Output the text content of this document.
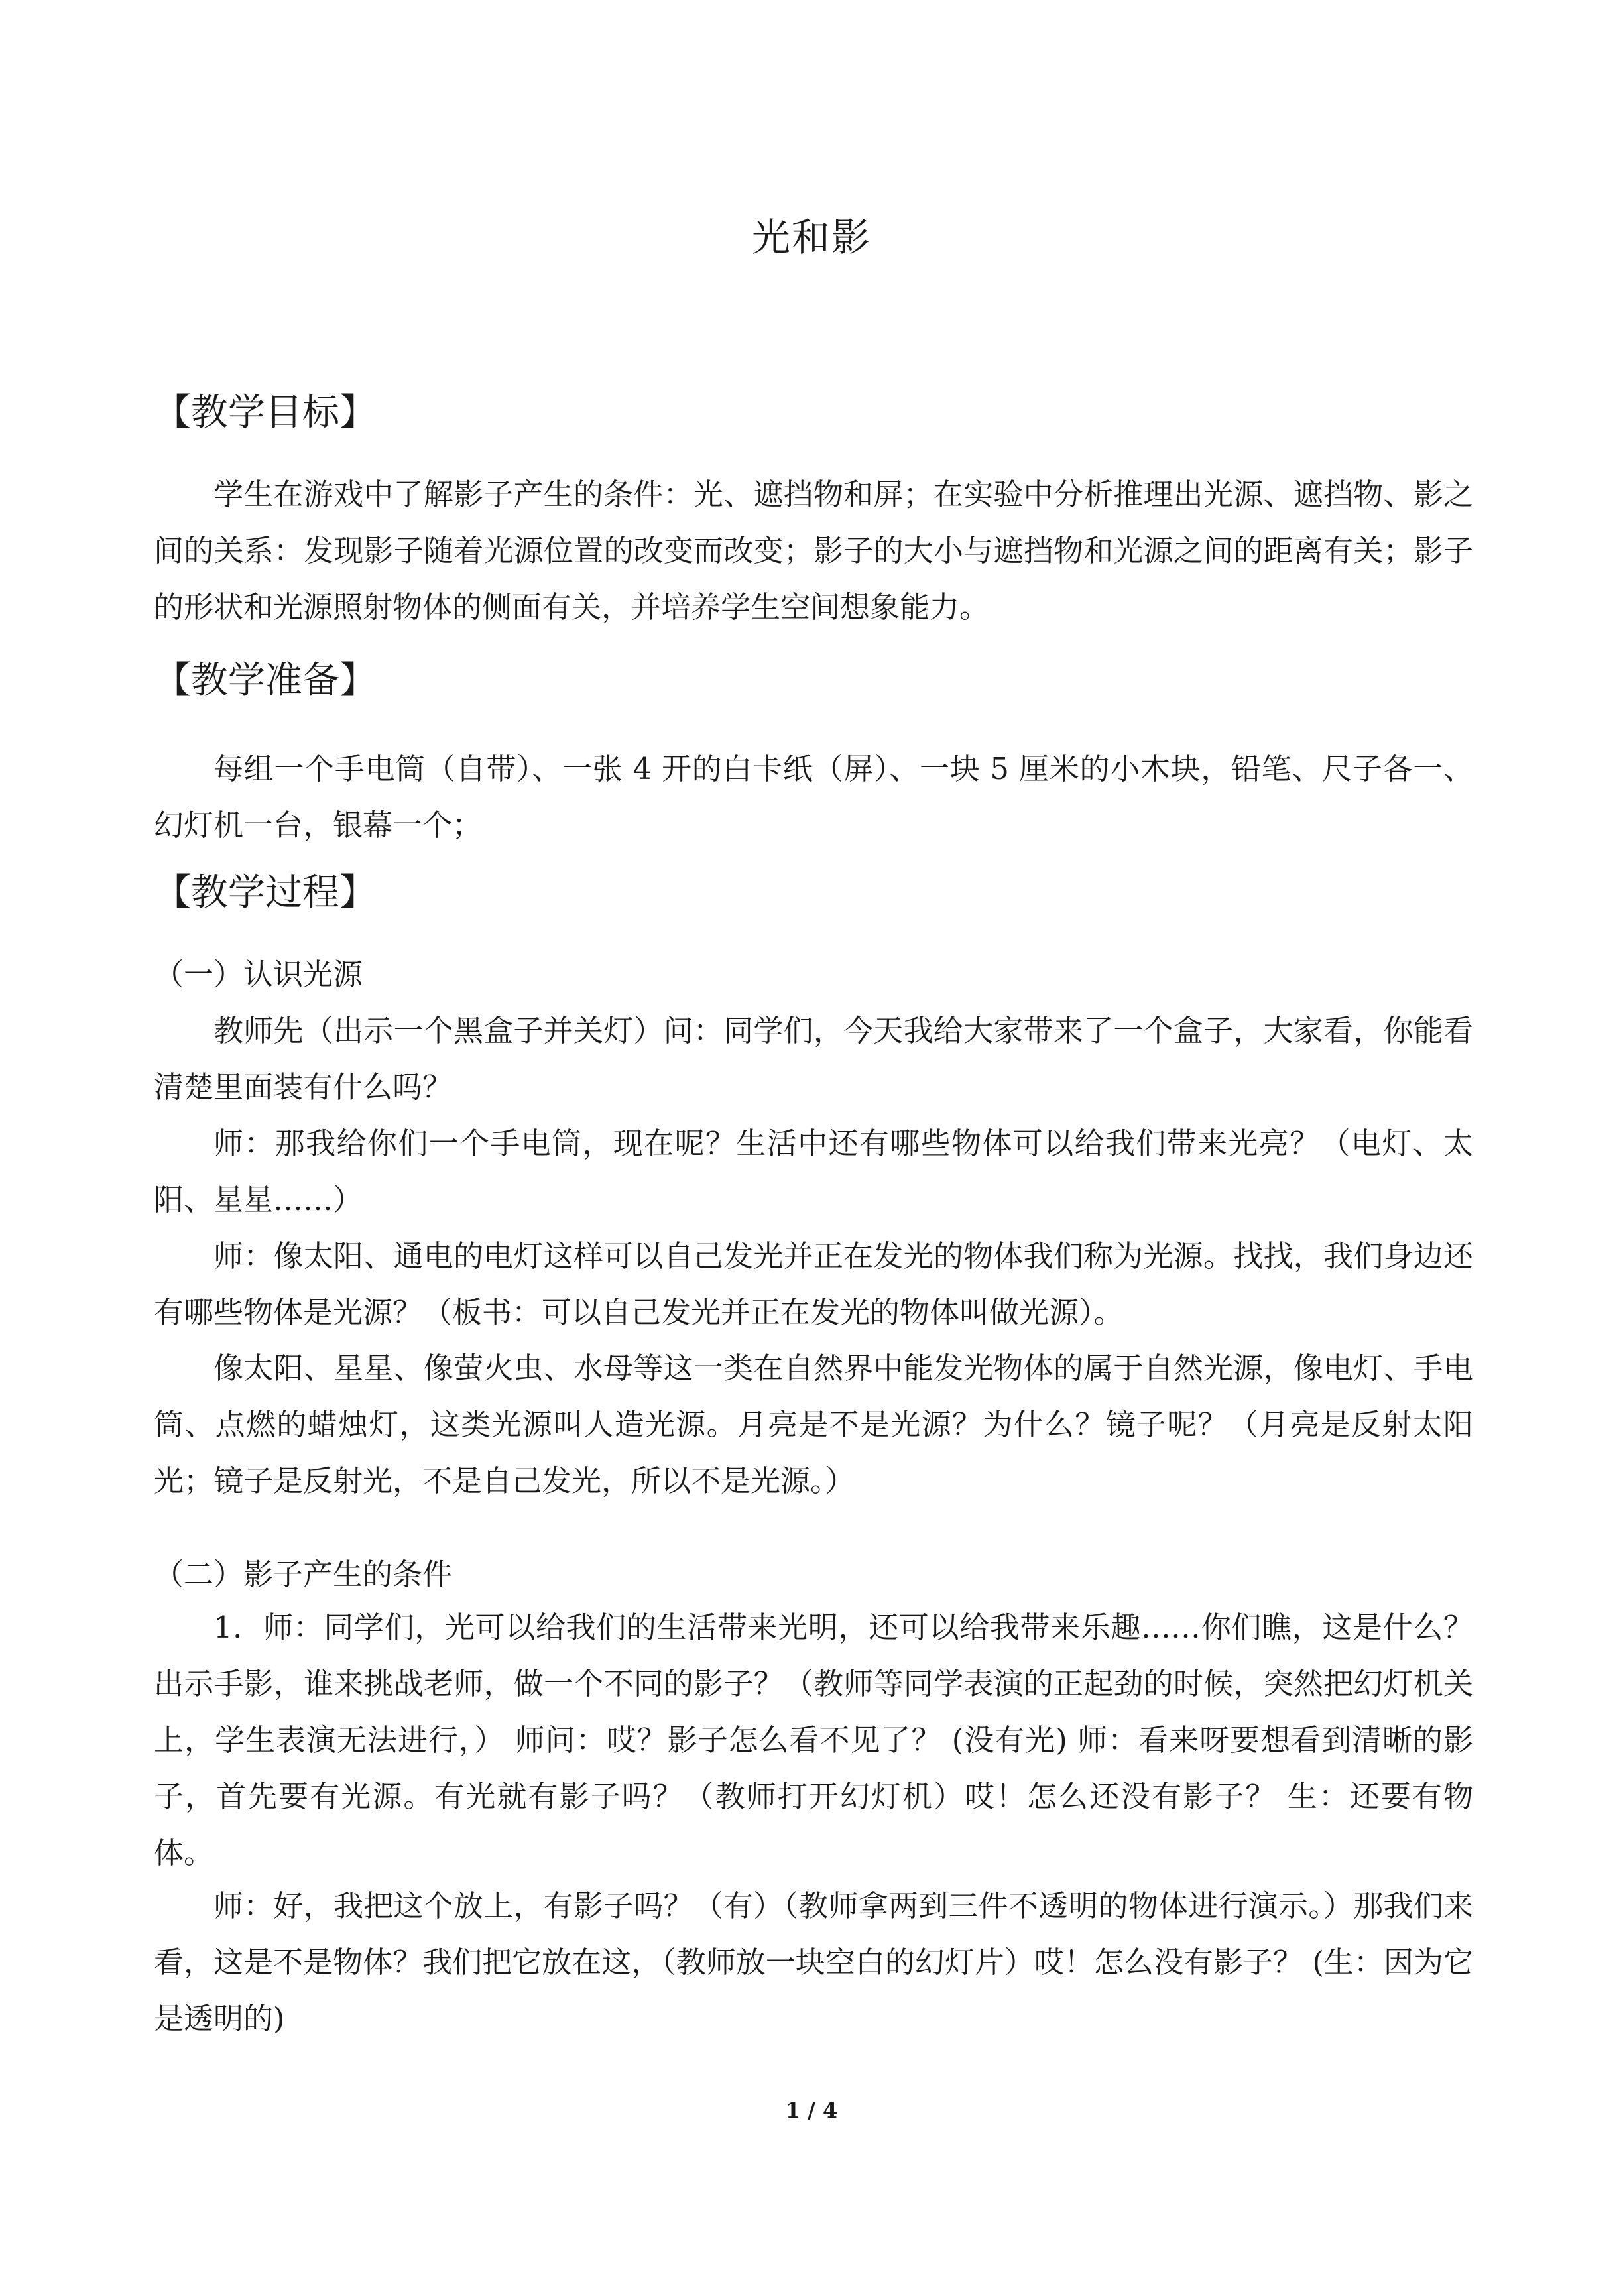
光和影
【教学目标】
学生在游戏中了解影子产生的条件：光、遮挡物和屏；在实验中分析推理出光源、遮挡物、影之间的关系：发现影子随着光源位置的改变而改变；影子的大小与遮挡物和光源之间的距离有关；影子的形状和光源照射物体的侧面有关，并培养学生空间想象能力。
【教学准备】
每组一个手电筒（自带）、一张 4 开的白卡纸（屏）、一块 5 厘米的小木块，铅笔、尺子各一、幻灯机一台，银幕一个；
【教学过程】
（一）认识光源
教师先（出示一个黑盒子并关灯）问：同学们，今天我给大家带来了一个盒子，大家看，你能看清楚里面装有什么吗？
师：那我给你们一个手电筒，现在呢？生活中还有哪些物体可以给我们带来光亮？（电灯、太阳、星星……）
师：像太阳、通电的电灯这样可以自己发光并正在发光的物体我们称为光源。找找，我们身边还有哪些物体是光源？（板书：可以自己发光并正在发光的物体叫做光源）。
像太阳、星星、像萤火虫、水母等这一类在自然界中能发光物体的属于自然光源，像电灯、手电筒、点燃的蜡烛灯，这类光源叫人造光源。月亮是不是光源？为什么？镜子呢？（月亮是反射太阳光；镜子是反射光，不是自己发光，所以不是光源。）
（二）影子产生的条件
1．师：同学们，光可以给我们的生活带来光明，还可以给我带来乐趣……你们瞧，这是什么？出示手影，谁来挑战老师，做一个不同的影子？（教师等同学表演的正起劲的时候，突然把幻灯机关上，学生表演无法进行，） 师问：哎？影子怎么看不见了？ (没有光) 师：看来呀要想看到清晰的影子，首先要有光源。有光就有影子吗？（教师打开幻灯机）哎！怎么还没有影子？ 生：还要有物体。
师：好，我把这个放上，有影子吗？（有）（教师拿两到三件不透明的物体进行演示。）那我们来看，这是不是物体？我们把它放在这，（教师放一块空白的幻灯片）哎！怎么没有影子？ (生：因为它是透明的)
1 / 4
